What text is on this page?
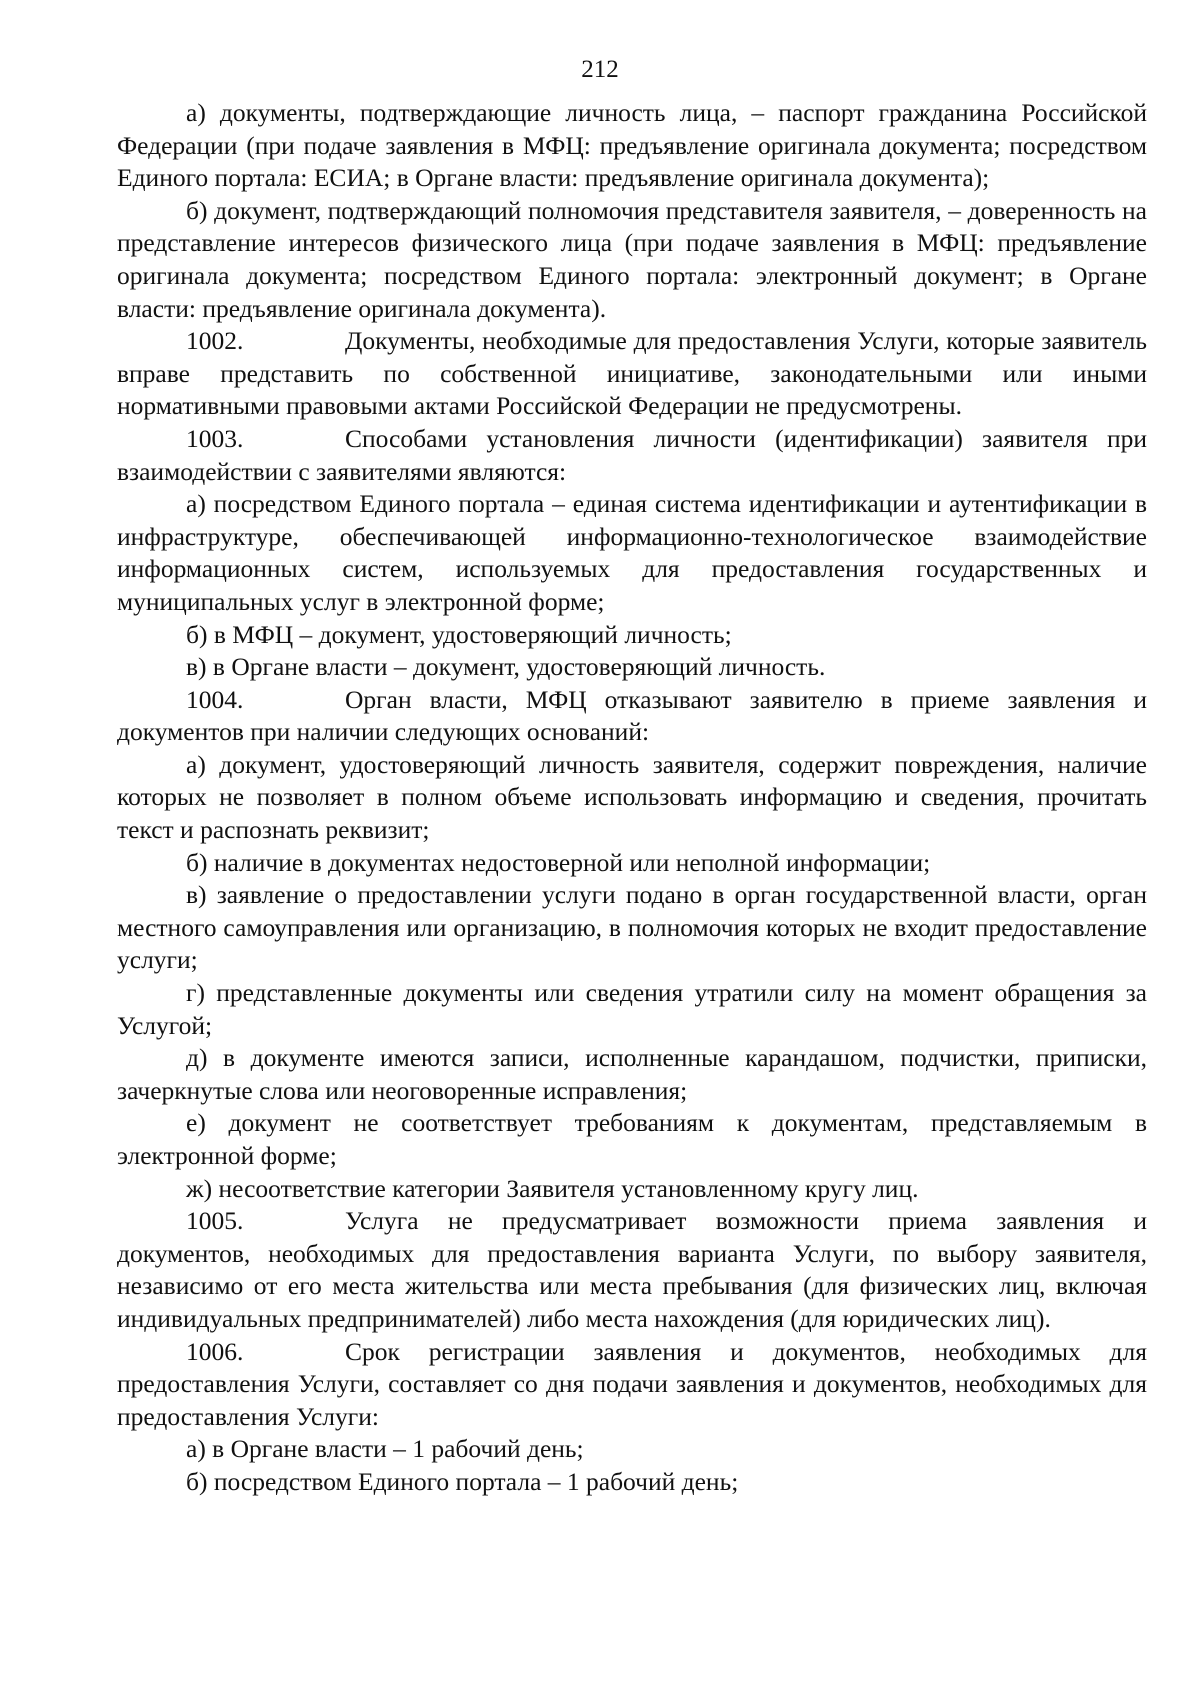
212

а) документы, подтверждающие личность лица, – паспорт гражданина Российской Федерации (при подаче заявления в МФЦ: предъявление оригинала документа; посредством Единого портала: ЕСИА; в Органе власти: предъявление оригинала документа);

б) документ, подтверждающий полномочия представителя заявителя, – доверенность на представление интересов физического лица (при подаче заявления в МФЦ: предъявление оригинала документа; посредством Единого портала: электронный документ; в Органе власти: предъявление оригинала документа).

1002.	Документы, необходимые для предоставления Услуги, которые заявитель вправе представить по собственной инициативе, законодательными или иными нормативными правовыми актами Российской Федерации не предусмотрены.

1003.	Способами установления личности (идентификации) заявителя при взаимодействии с заявителями являются:

а) посредством Единого портала – единая система идентификации и аутентификации в инфраструктуре, обеспечивающей информационно-технологическое взаимодействие информационных систем, используемых для предоставления государственных и муниципальных услуг в электронной форме;

б) в МФЦ – документ, удостоверяющий личность;

в) в Органе власти – документ, удостоверяющий личность.

1004.	Орган власти, МФЦ отказывают заявителю в приеме заявления и документов при наличии следующих оснований:

а) документ, удостоверяющий личность заявителя, содержит повреждения, наличие которых не позволяет в полном объеме использовать информацию и сведения, прочитать текст и распознать реквизит;

б) наличие в документах недостоверной или неполной информации;

в) заявление о предоставлении услуги подано в орган государственной власти, орган местного самоуправления или организацию, в полномочия которых не входит предоставление услуги;

г) представленные документы или сведения утратили силу на момент обращения за Услугой;

д) в документе имеются записи, исполненные карандашом, подчистки, приписки, зачеркнутые слова или неоговоренные исправления;

е) документ не соответствует требованиям к документам, представляемым в электронной форме;

ж) несоответствие категории Заявителя установленному кругу лиц.

1005.	Услуга не предусматривает возможности приема заявления и документов, необходимых для предоставления варианта Услуги, по выбору заявителя, независимо от его места жительства или места пребывания (для физических лиц, включая индивидуальных предпринимателей) либо места нахождения (для юридических лиц).

1006.	Срок регистрации заявления и документов, необходимых для предоставления Услуги, составляет со дня подачи заявления и документов, необходимых для предоставления Услуги:

а) в Органе власти – 1 рабочий день;

б) посредством Единого портала – 1 рабочий день;
